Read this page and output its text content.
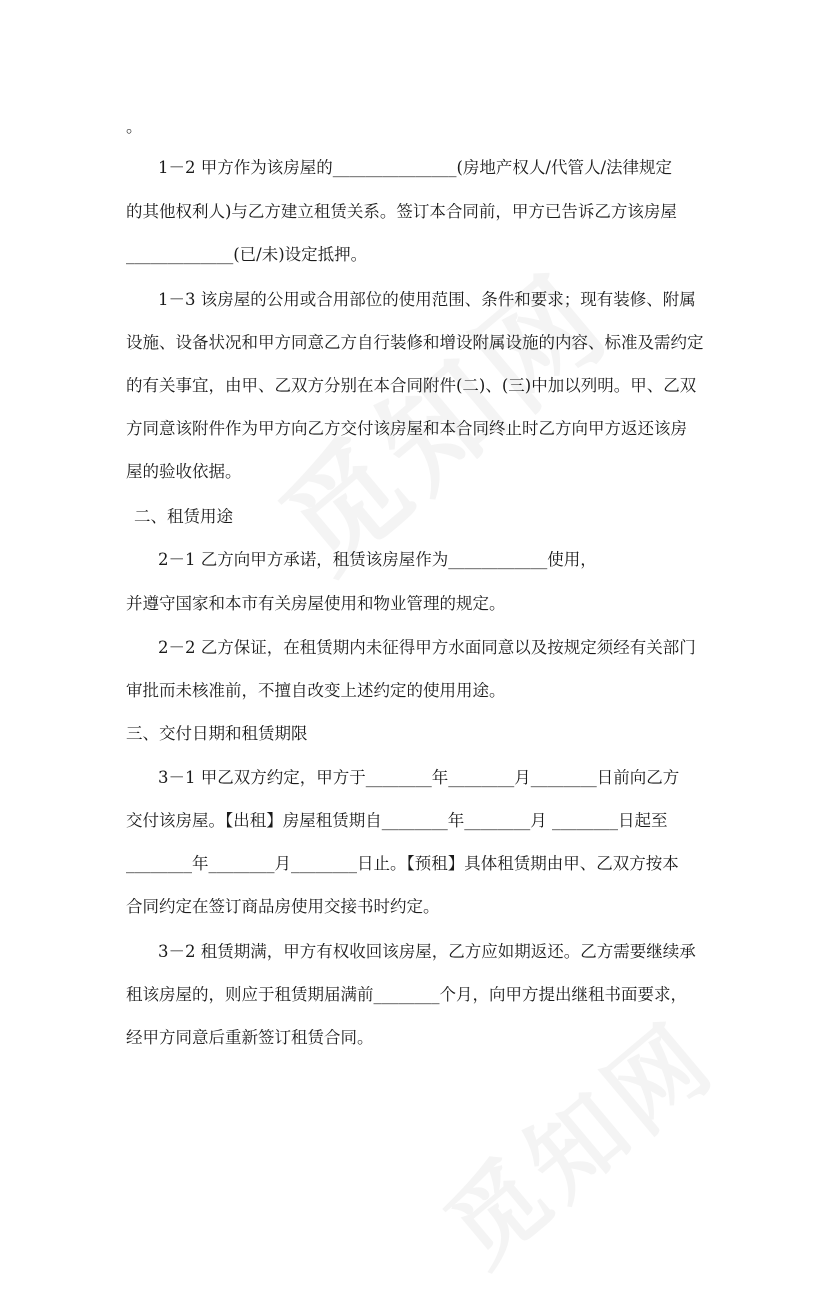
。
1－2 甲方作为该房屋的_______________(房地产权人/代管人/法律规定
的其他权利人)与乙方建立租赁关系。签订本合同前，甲方已告诉乙方该房屋
_____________(已/未)设定抵押。
1－3 该房屋的公用或合用部位的使用范围、条件和要求；现有装修、附属
设施、设备状况和甲方同意乙方自行装修和增设附属设施的内容、标准及需约定
的有关事宜，由甲、乙双方分别在本合同附件(二)、(三)中加以列明。甲、乙双
方同意该附件作为甲方向乙方交付该房屋和本合同终止时乙方向甲方返还该房
屋的验收依据。
二、租赁用途
2－1 乙方向甲方承诺，租赁该房屋作为____________使用，
并遵守国家和本市有关房屋使用和物业管理的规定。
2－2 乙方保证，在租赁期内未征得甲方水面同意以及按规定须经有关部门
审批而未核准前，不擅自改变上述约定的使用用途。
三、交付日期和租赁期限
3－1 甲乙双方约定，甲方于________年________月________日前向乙方
交付该房屋。【出租】房屋租赁期自________年________月 ________日起至
________年________月________日止。【预租】具体租赁期由甲、乙双方按本
合同约定在签订商品房使用交接书时约定。
3－2 租赁期满，甲方有权收回该房屋，乙方应如期返还。乙方需要继续承
租该房屋的，则应于租赁期届满前________个月，向甲方提出继租书面要求，
经甲方同意后重新签订租赁合同。
